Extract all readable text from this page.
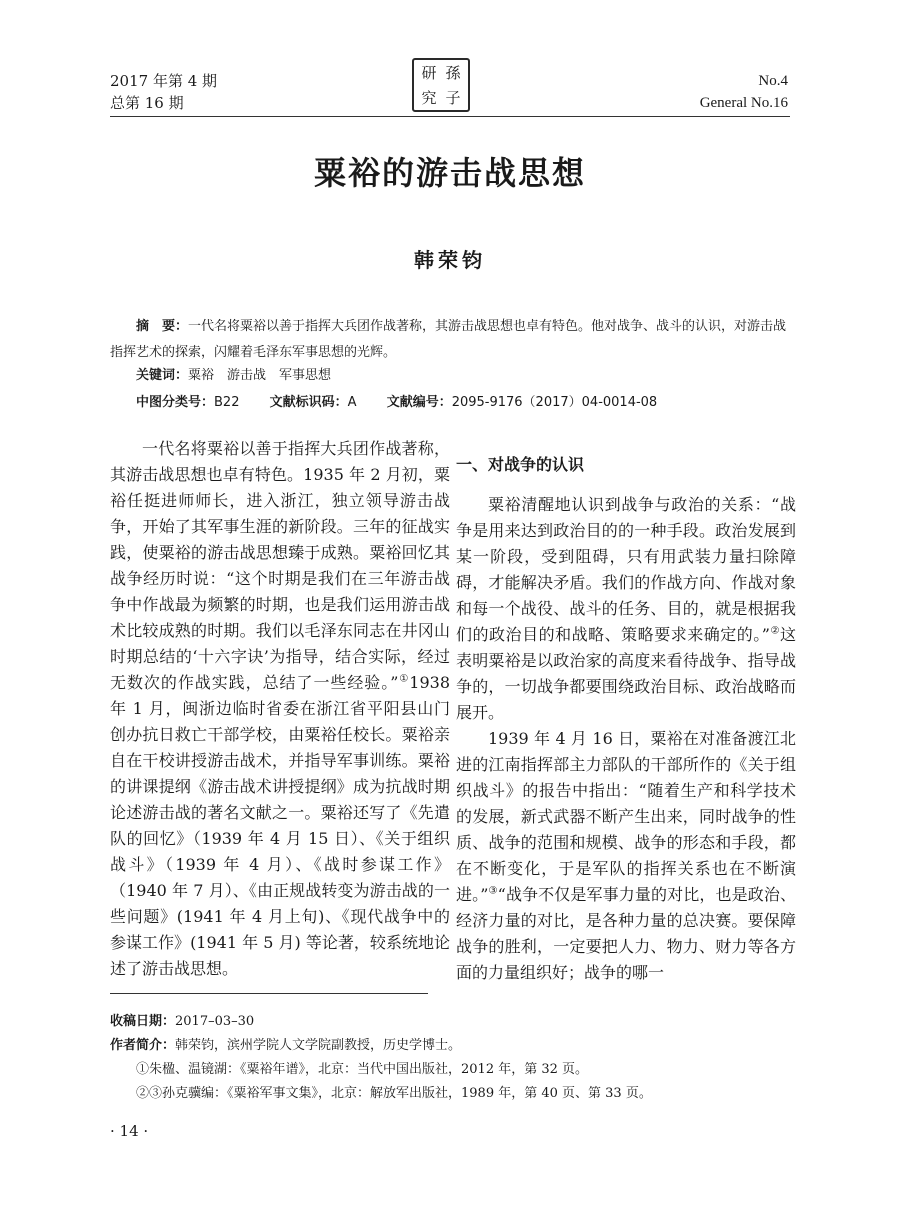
2017 年第 4 期
总第 16 期
研 孫
究 子
No.4
General No.16
粟裕的游击战思想
韩荣钧
摘　要：一代名将粟裕以善于指挥大兵团作战著称，其游击战思想也卓有特色。他对战争、战斗的认识，对游击战指挥艺术的探索，闪耀着毛泽东军事思想的光辉。
关键词：粟裕　游击战　军事思想
中图分类号：B22 文献标识码：A 文献编号：2095-9176（2017）04-0014-08

一代名将粟裕以善于指挥大兵团作战著称，其游击战思想也卓有特色。1935 年 2 月初，粟裕任挺进师师长，进入浙江，独立领导游击战争，开始了其军事生涯的新阶段。三年的征战实践，使粟裕的游击战思想臻于成熟。粟裕回忆其战争经历时说：“这个时期是我们在三年游击战争中作战最为频繁的时期，也是我们运用游击战术比较成熟的时期。我们以毛泽东同志在井冈山时期总结的‘十六字诀’为指导，结合实际，经过无数次的作战实践，总结了一些经验。”①1938 年 1 月，闽浙边临时省委在浙江省平阳县山门创办抗日救亡干部学校，由粟裕任校长。粟裕亲自在干校讲授游击战术，并指导军事训练。粟裕的讲课提纲《游击战术讲授提纲》成为抗战时期论述游击战的著名文献之一。粟裕还写了《先遣队的回忆》（1939 年 4 月 15 日）、《关于组织战斗》（1939 年 4 月）、《战时参谋工作》（1940 年 7 月）、《由正规战转变为游击战的一些问题》(1941 年 4 月上旬)、《现代战争中的参谋工作》(1941 年 5 月) 等论著，较系统地论述了游击战思想。

一、对战争的认识

粟裕清醒地认识到战争与政治的关系：“战争是用来达到政治目的的一种手段。政治发展到某一阶段，受到阻碍，只有用武装力量扫除障碍，才能解决矛盾。我们的作战方向、作战对象和每一个战役、战斗的任务、目的，就是根据我们的政治目的和战略、策略要求来确定的。”②这表明粟裕是以政治家的高度来看待战争、指导战争的，一切战争都要围绕政治目标、政治战略而展开。

1939 年 4 月 16 日，粟裕在对准备渡江北进的江南指挥部主力部队的干部所作的《关于组织战斗》的报告中指出：“随着生产和科学技术的发展，新式武器不断产生出来，同时战争的性质、战争的范围和规模、战争的形态和手段，都在不断变化，于是军队的指挥关系也在不断演进。”③“战争不仅是军事力量的对比，也是政治、经济力量的对比，是各种力量的总决赛。要保障战争的胜利，一定要把人力、物力、财力等各方面的力量组织好；战争的哪一

收稿日期：2017–03–30
作者简介：韩荣钧，滨州学院人文学院副教授，历史学博士。
①朱楹、温镜湖：《粟裕年谱》，北京：当代中国出版社，2012 年，第 32 页。
②③孙克骥编：《粟裕军事文集》，北京：解放军出版社，1989 年，第 40 页、第 33 页。
· 14 ·
